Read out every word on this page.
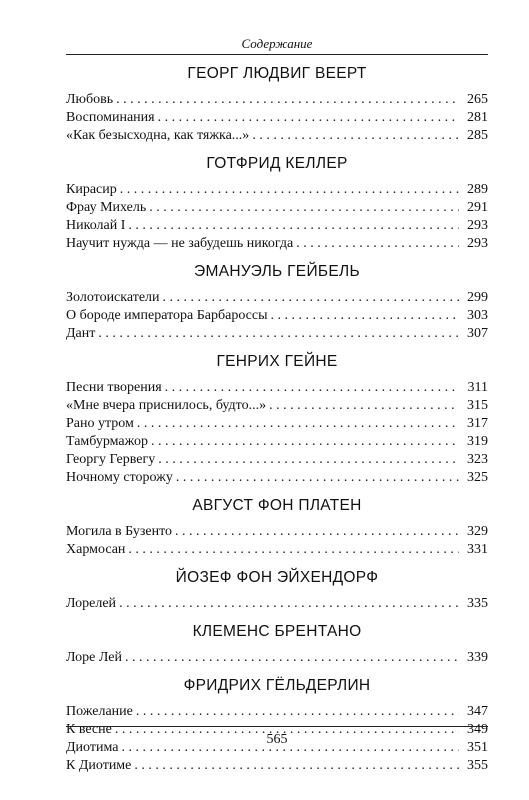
Содержание
ГЕОРГ ЛЮДВИГ ВЕЕРТ
Любовь . . .	265
Воспоминания . . .	281
«Как безысходна, как тяжка...» . . .	285
ГОТФРИД КЕЛЛЕР
Кирасир . . .	289
Фрау Михель . . .	291
Николай I . . .	293
Научит нужда — не забудешь никогда . . .	293
ЭМАНУЭЛЬ ГЕЙБЕЛЬ
Золотоискатели . . .	299
О бороде императора Барбароссы . . .	303
Дант . . .	307
ГЕНРИХ ГЕЙНЕ
Песни творения . . .	311
«Мне вчера приснилось, будто...» . . .	315
Рано утром . . .	317
Тамбурмажор . . .	319
Георгу Гервегу . . .	323
Ночному сторожу . . .	325
АВГУСТ ФОН ПЛАТЕН
Могила в Бузенто . . .	329
Хармосан . . .	331
ЙОЗЕФ ФОН ЭЙХЕНДОРФ
Лорелей . . .	335
КЛЕМЕНС БРЕНТАНО
Лоре Лей . . .	339
ФРИДРИХ ГЁЛЬДЕРЛИН
Пожелание . . .	347
К весне . . .	349
Диотима . . .	351
К Диотиме . . .	355
565
